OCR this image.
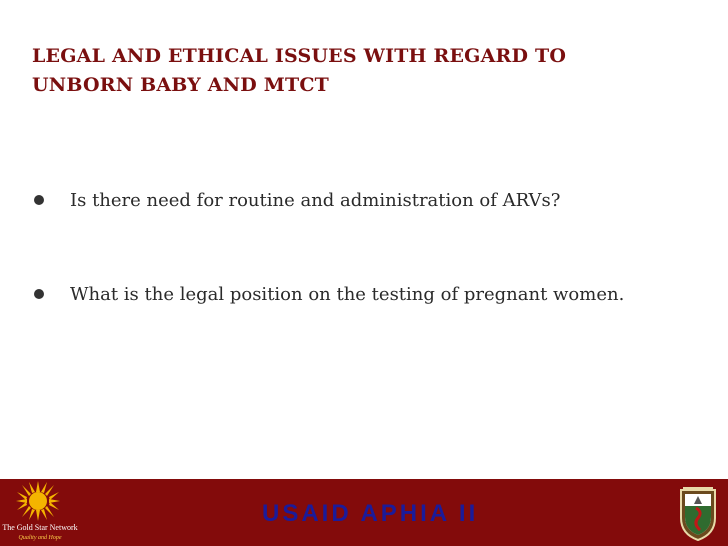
LEGAL AND ETHICAL ISSUES WITH REGARD TO
UNBORN BABY AND MTCT
Is there need for routine and administration of ARVs?
What is the legal position on the testing of pregnant women.
The Gold Star Network
Quality and Hope
USAID APHIA II
